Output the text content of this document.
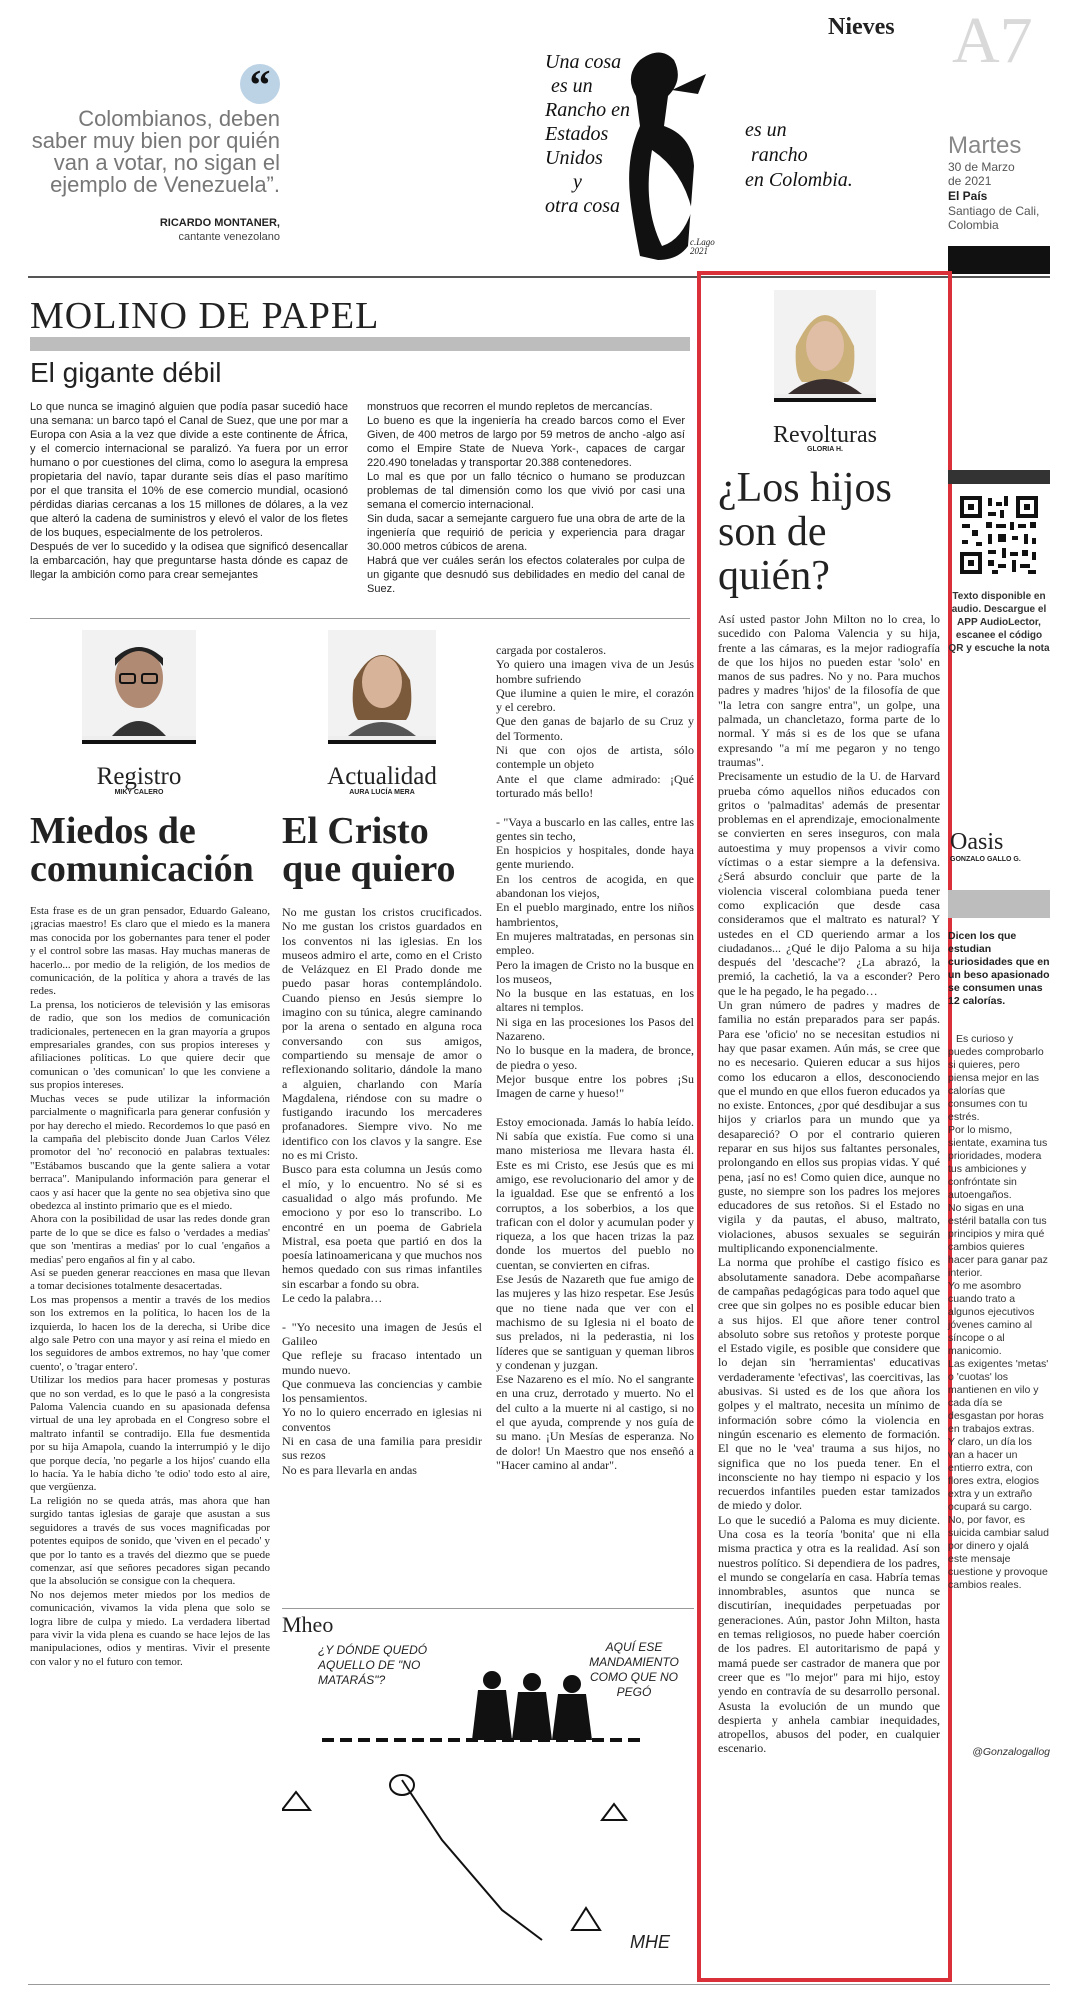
“
Colombianos, deben saber muy bien por quién van a votar, no sigan el ejemplo de Venezuela”.
RICARDO MONTANER,
cantante venezolano
Una cosa
es un
Rancho en
Estados
Unidos
y
otra cosa
es un
rancho
en Colombia.
c.Lago
2021
Nieves A7
Martes
30 de Marzo
de 2021
El País
Santiago de Cali,
Colombia
MOLINO DE PAPEL
El gigante débil
Lo que nunca se imaginó alguien que podía pasar sucedió hace una semana: un barco tapó el Canal de Suez, que une por mar a Europa con Asia a la vez que divide a este continente de África, y el comercio internacional se paralizó. Ya fuera por un error humano o por cuestiones del clima, como lo asegura la empresa propietaria del navío, tapar durante seis días el paso marítimo por el que transita el 10% de ese comercio mundial, ocasionó pérdidas diarias cercanas a los 15 millones de dólares, a la vez que alteró la cadena de suministros y elevó el valor de los fletes de los buques, especialmente de los petroleros.
Después de ver lo sucedido y la odisea que significó desencallar la embarcación, hay que preguntarse hasta dónde es capaz de llegar la ambición como para crear semejantes
monstruos que recorren el mundo repletos de mercancías.
Lo bueno es que la ingeniería ha creado barcos como el Ever Given, de 400 metros de largo por 59 metros de ancho -algo así como el Empire State de Nueva York-, capaces de cargar 220.490 toneladas y transportar 20.388 contenedores.
Lo mal es que por un fallo técnico o humano se produzcan problemas de tal dimensión como los que vivió por casi una semana el comercio internacional.
Sin duda, sacar a semejante carguero fue una obra de arte de la ingeniería que requirió de pericia y experiencia para dragar 30.000 metros cúbicos de arena.
Habrá que ver cuáles serán los efectos colaterales por culpa de un gigante que desnudó sus debilidades en medio del canal de Suez.
Registro
MIKY CALERO
Miedos de comunicación
Esta frase es de un gran pensador, Eduardo Galeano, ¡gracias maestro! Es claro que el miedo es la manera mas conocida por los gobernantes para tener el poder y el control sobre las masas. Hay muchas maneras de hacerlo... por medio de la religión, de los medios de comunicación, de la política y ahora a través de las redes.
La prensa, los noticieros de televisión y las emisoras de radio, que son los medios de comunicación tradicionales, pertenecen en la gran mayoría a grupos empresariales grandes, con sus propios intereses y afiliaciones políticas. Lo que quiere decir que comunican o 'des comunican' lo que les conviene a sus propios intereses.
Muchas veces se pude utilizar la información parcialmente o magnificarla para generar confusión y por hay derecho el miedo. Recordemos lo que pasó en la campaña del plebiscito donde Juan Carlos Vélez promotor del 'no' reconoció en palabras textuales: "Estábamos buscando que la gente saliera a votar berraca". Manipulando información para generar el caos y así hacer que la gente no sea objetiva sino que obedezca al instinto primario que es el miedo.
Ahora con la posibilidad de usar las redes donde gran parte de lo que se dice es falso o 'verdades a medias' que son 'mentiras a medias' por lo cual 'engaños a medias' pero engaños al fin y al cabo.
Así se pueden generar reacciones en masa que llevan a tomar decisiones totalmente desacertadas.
Los mas propensos a mentir a través de los medios son los extremos en la política, lo hacen los de la izquierda, lo hacen los de la derecha, si Uribe dice algo sale Petro con una mayor y así reina el miedo en los seguidores de ambos extremos, no hay 'que comer cuento', o 'tragar entero'.
Utilizar los medios para hacer promesas y posturas que no son verdad, es lo que le pasó a la congresista Paloma Valencia cuando en su apasionada defensa virtual de una ley aprobada en el Congreso sobre el maltrato infantil se contradijo. Ella fue desmentida por su hija Amapola, cuando la interrumpió y le dijo que porque decía, 'no pegarle a los hijos' cuando ella lo hacía. Ya le había dicho 'te odio' todo esto al aire, que vergüenza.
La religión no se queda atrás, mas ahora que han surgido tantas iglesias de garaje que asustan a sus seguidores a través de sus voces magnificadas por potentes equipos de sonido, que 'viven en el pecado' y que por lo tanto es a través del diezmo que se puede comenzar, así que señores pecadores sigan pecando que la absolución se consigue con la chequera.
No nos dejemos meter miedos por los medios de comunicación, vivamos la vida plena que solo se logra libre de culpa y miedo. La verdadera libertad para vivir la vida plena es cuando se hace lejos de las manipulaciones, odios y mentiras. Vivir el presente con valor y no el futuro con temor.
Actualidad
AURA LUCÍA MERA
El Cristo que quiero
No me gustan los cristos crucificados. No me gustan los cristos guardados en los conventos ni las iglesias. En los museos admiro el arte, como en el Cristo de Velázquez en El Prado donde me puedo pasar horas contemplándolo. Cuando pienso en Jesús siempre lo imagino con su túnica, alegre caminando por la arena o sentado en alguna roca conversando con sus amigos, compartiendo su mensaje de amor o reflexionando solitario, dándole la mano a alguien, charlando con María Magdalena, riéndose con su madre o fustigando iracundo los mercaderes profanadores. Siempre vivo. No me identifico con los clavos y la sangre. Ese no es mi Cristo.
Busco para esta columna un Jesús como el mío, y lo encuentro. No sé si es casualidad o algo más profundo. Me emociono y por eso lo transcribo. Lo encontré en un poema de Gabriela Mistral, esa poeta que partió en dos la poesía latinoamericana y que muchos nos hemos quedado con sus rimas infantiles sin escarbar a fondo su obra.
Le cedo la palabra…

- "Yo necesito una imagen de Jesús el Galileo
Que refleje su fracaso intentado un mundo nuevo.
Que conmueva las conciencias y cambie los pensamientos.
Yo no lo quiero encerrado en iglesias ni conventos
Ni en casa de una familia para presidir sus rezos
No es para llevarla en andas
cargada por costaleros.
Yo quiero una imagen viva de un Jesús hombre sufriendo
Que ilumine a quien le mire, el corazón y el cerebro.
Que den ganas de bajarlo de su Cruz y del Tormento.
Ni que con ojos de artista, sólo contemple un objeto
Ante el que clame admirado: ¡Qué torturado más bello!

- "Vaya a buscarlo en las calles, entre las gentes sin techo,
En hospicios y hospitales, donde haya gente muriendo.
En los centros de acogida, en que abandonan los viejos,
En el pueblo marginado, entre los niños hambrientos,
En mujeres maltratadas, en personas sin empleo.
Pero la imagen de Cristo no la busque en los museos,
No la busque en las estatuas, en los altares ni templos.
Ni siga en las procesiones los Pasos del Nazareno.
No lo busque en la madera, de bronce, de piedra o yeso.
Mejor busque entre los pobres ¡Su Imagen de carne y hueso!"

Estoy emocionada. Jamás lo había leído. Ni sabía que existía. Fue como si una mano misteriosa me llevara hasta él. Este es mi Cristo, ese Jesús que es mi amigo, ese revolucionario del amor y de la igualdad. Ese que se enfrentó a los corruptos, a los soberbios, a los que trafican con el dolor y acumulan poder y riqueza, a los que hacen trizas la paz donde los muertos del pueblo no cuentan, se convierten en cifras.
Ese Jesús de Nazareth que fue amigo de las mujeres y las hizo respetar. Ese Jesús que no tiene nada que ver con el machismo de su Iglesia ni el boato de sus prelados, ni la pederastia, ni los líderes que se santiguan y queman libros y condenan y juzgan.
Ese Nazareno es el mío. No el sangrante en una cruz, derrotado y muerto. No el del culto a la muerte ni al castigo, si no el que ayuda, comprende y nos guía de su mano. ¡Un Mesías de esperanza. No de dolor! Un Maestro que nos enseñó a "Hacer camino al andar".
Mheo
¿Y DÓNDE QUEDÓ AQUELLO DE "NO MATARÁS"?
AQUÍ ESE MANDAMIENTO COMO QUE NO PEGÓ
MHE
Revolturas
GLORIA H.
¿Los hijos son de quién?
Así usted pastor John Milton no lo crea, lo sucedido con Paloma Valencia y su hija, frente a las cámaras, es la mejor radiografía de que los hijos no pueden estar 'solo' en manos de sus padres. No y no. Para muchos padres y madres 'hijos' de la filosofía de que "la letra con sangre entra", un golpe, una palmada, un chancletazo, forma parte de lo normal. Y más si es de los que se ufana expresando "a mí me pegaron y no tengo traumas".
Precisamente un estudio de la U. de Harvard prueba cómo aquellos niños educados con gritos o 'palmaditas' además de presentar problemas en el aprendizaje, emocionalmente se convierten en seres inseguros, con mala autoestima y muy propensos a vivir como víctimas o a estar siempre a la defensiva. ¿Será absurdo concluir que parte de la violencia visceral colombiana pueda tener como explicación que desde casa consideramos que el maltrato es natural? Y ustedes en el CD queriendo armar a los ciudadanos... ¿Qué le dijo Paloma a su hija después del 'descache'? ¿La abrazó, la premió, la cachetió, la va a esconder? Pero que le ha pegado, le ha pegado…
Un gran número de padres y madres de familia no están preparados para ser papás. Para ese 'oficio' no se necesitan estudios ni hay que pasar examen. Aún más, se cree que no es necesario. Quieren educar a sus hijos como los educaron a ellos, desconociendo que el mundo en que ellos fueron educados ya no existe. Entonces, ¿por qué desdibujar a sus hijos y criarlos para un mundo que ya desapareció? O por el contrario quieren reparar en sus hijos sus faltantes personales, prolongando en ellos sus propias vidas. Y qué pena, ¡así no es! Como quien dice, aunque no guste, no siempre son los padres los mejores educadores de sus retoños. Si el Estado no vigila y da pautas, el abuso, maltrato, violaciones, abusos sexuales se seguirán multiplicando exponencialmente.
La norma que prohíbe el castigo físico es absolutamente sanadora. Debe acompañarse de campañas pedagógicas para todo aquel que cree que sin golpes no es posible educar bien a sus hijos. El que añore tener control absoluto sobre sus retoños y proteste porque el Estado vigile, es posible que considere que lo dejan sin 'herramientas' educativas verdaderamente 'efectivas', las coercitivas, las abusivas. Si usted es de los que añora los golpes y el maltrato, necesita un mínimo de información sobre cómo la violencia en ningún escenario es elemento de formación. El que no le 'vea' trauma a sus hijos, no significa que no los pueda tener. En el inconsciente no hay tiempo ni espacio y los recuerdos infantiles pueden estar tamizados de miedo y dolor.
Lo que le sucedió a Paloma es muy diciente. Una cosa es la teoría 'bonita' que ni ella misma practica y otra es la realidad. Así son nuestros político. Si dependiera de los padres, el mundo se congelaría en casa. Habría temas innombrables, asuntos que nunca se discutirían, inequidades perpetuadas por generaciones. Aún, pastor John Milton, hasta en temas religiosos, no puede haber coerción de los padres. El autoritarismo de papá y mamá puede ser castrador de manera que por creer que es "lo mejor" para mi hijo, estoy yendo en contravía de su desarrollo personal. Asusta la evolución de un mundo que despierta y anhela cambiar inequidades, atropellos, abusos del poder, en cualquier escenario.
Texto disponible en audio. Descargue el APP AudioLector, escanee el código QR y escuche la nota
Oasis
GONZALO GALLO G.
Dicen los que estudian curiosidades que en un beso apasionado se consumen unas 12 calorías.
Es curioso y puedes comprobarlo si quieres, pero piensa mejor en las calorías que consumes con tu estrés.
Por lo mismo, sientate, examina tus prioridades, modera tus ambiciones y confróntate sin autoengaños.
No sigas en una estéril batalla con tus principios y mira qué cambios quieres hacer para ganar paz interior.
Yo me asombro cuando trato a algunos ejecutivos jóvenes camino al síncope o al manicomio.
Las exigentes 'metas' o 'cuotas' los mantienen en vilo y cada día se desgastan por horas en trabajos extras.
Y claro, un día los van a hacer un entierro extra, con flores extra, elogios extra y un extraño ocupará su cargo.
No, por favor, es suicida cambiar salud por dinero y ojalá este mensaje cuestione y provoque cambios reales.
@Gonzalogallog
